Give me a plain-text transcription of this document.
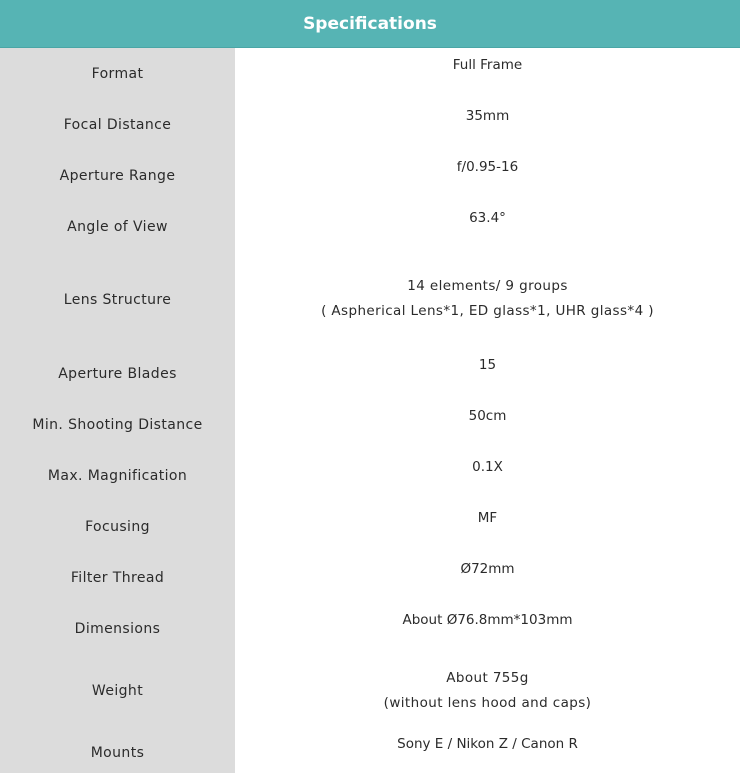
Specifications
Format
Full Frame
Focal Distance
35mm
Aperture Range
f/0.95-16
Angle of View
63.4°
Lens Structure
14 elements/ 9 groups
( Aspherical Lens*1, ED glass*1, UHR glass*4 )
Aperture Blades
15
Min. Shooting Distance
50cm
Max. Magnification
0.1X
Focusing
MF
Filter Thread
Ø72mm
Dimensions
About Ø76.8mm*103mm
Weight
About 755g
(without lens hood and caps)
Mounts
Sony E / Nikon Z / Canon R
